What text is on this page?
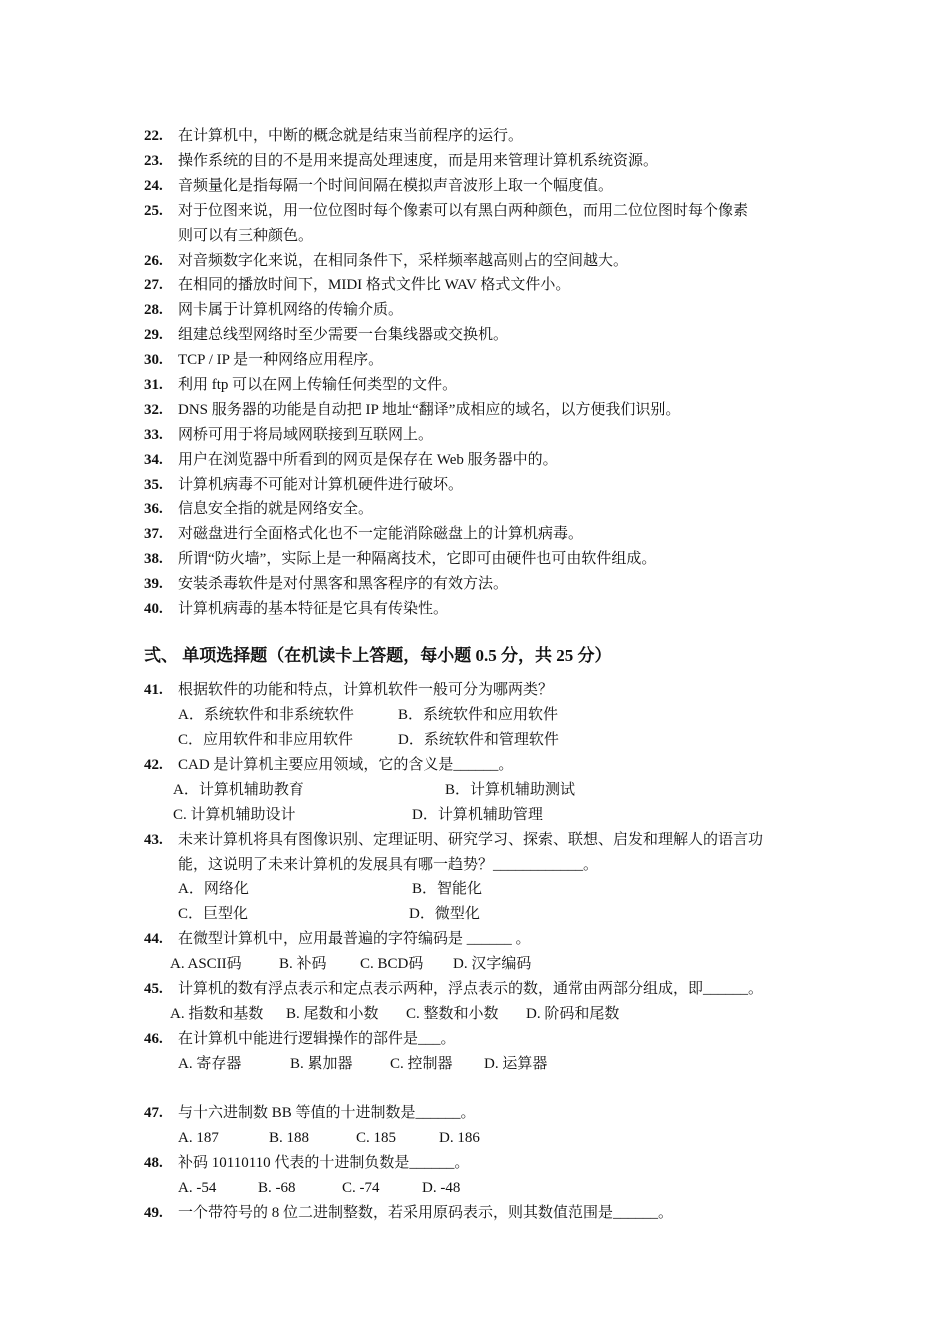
22. 在计算机中，中断的概念就是结束当前程序的运行。
23. 操作系统的目的不是用来提高处理速度，而是用来管理计算机系统资源。
24. 音频量化是指每隔一个时间间隔在模拟声音波形上取一个幅度值。
25. 对于位图来说，用一位位图时每个像素可以有黑白两种颜色，而用二位位图时每个像素
则可以有三种颜色。
26. 对音频数字化来说，在相同条件下，采样频率越高则占的空间越大。
27. 在相同的播放时间下，MIDI 格式文件比 WAV 格式文件小。
28. 网卡属于计算机网络的传输介质。
29. 组建总线型网络时至少需要一台集线器或交换机。
30. TCP / IP 是一种网络应用程序。
31. 利用 ftp 可以在网上传输任何类型的文件。
32. DNS 服务器的功能是自动把 IP 地址“翻译”成相应的域名，以方便我们识别。
33. 网桥可用于将局域网联接到互联网上。
34. 用户在浏览器中所看到的网页是保存在 Web 服务器中的。
35. 计算机病毒不可能对计算机硬件进行破坏。
36. 信息安全指的就是网络安全。
37. 对磁盘进行全面格式化也不一定能消除磁盘上的计算机病毒。
38. 所谓“防火墙”，实际上是一种隔离技术，它即可由硬件也可由软件组成。
39. 安装杀毒软件是对付黑客和黑客程序的有效方法。
40. 计算机病毒的基本特征是它具有传染性。
弍、 单项选择题（在机读卡上答题，每小题 0.5 分，共 25 分）
41. 根据软件的功能和特点，计算机软件一般可分为哪两类？
A．系统软件和非系统软件	B．系统软件和应用软件
C．应用软件和非应用软件	D．系统软件和管理软件
42. CAD 是计算机主要应用领域，它的含义是______。
A．计算机辅助教育	B．计算机辅助测试
C. 计算机辅助设计	D．计算机辅助管理
43. 未来计算机将具有图像识别、定理证明、研究学习、探索、联想、启发和理解人的语言功
能，这说明了未来计算机的发展具有哪一趋势？____________。
A．网络化	B．智能化
C．巨型化	D．微型化
44. 在微型计算机中，应用最普遍的字符编码是 ______ 。
A. ASCII码 B. 补码 C. BCD码 D. 汉字编码
45. 计算机的数有浮点表示和定点表示两种，浮点表示的数，通常由两部分组成，即______。
A. 指数和基数 B. 尾数和小数 C. 整数和小数 D. 阶码和尾数
46. 在计算机中能进行逻辑操作的部件是___。
A. 寄存器	B. 累加器 C. 控制器 D. 运算器
47. 与十六进制数 BB 等值的十进制数是______。
A. 187	B. 188	C. 185	D. 186
48. 补码 10110110 代表的十进制负数是______。
A. -54	B. -68	C. -74	D. -48
49. 一个带符号的 8 位二进制整数，若采用原码表示，则其数值范围是______。
